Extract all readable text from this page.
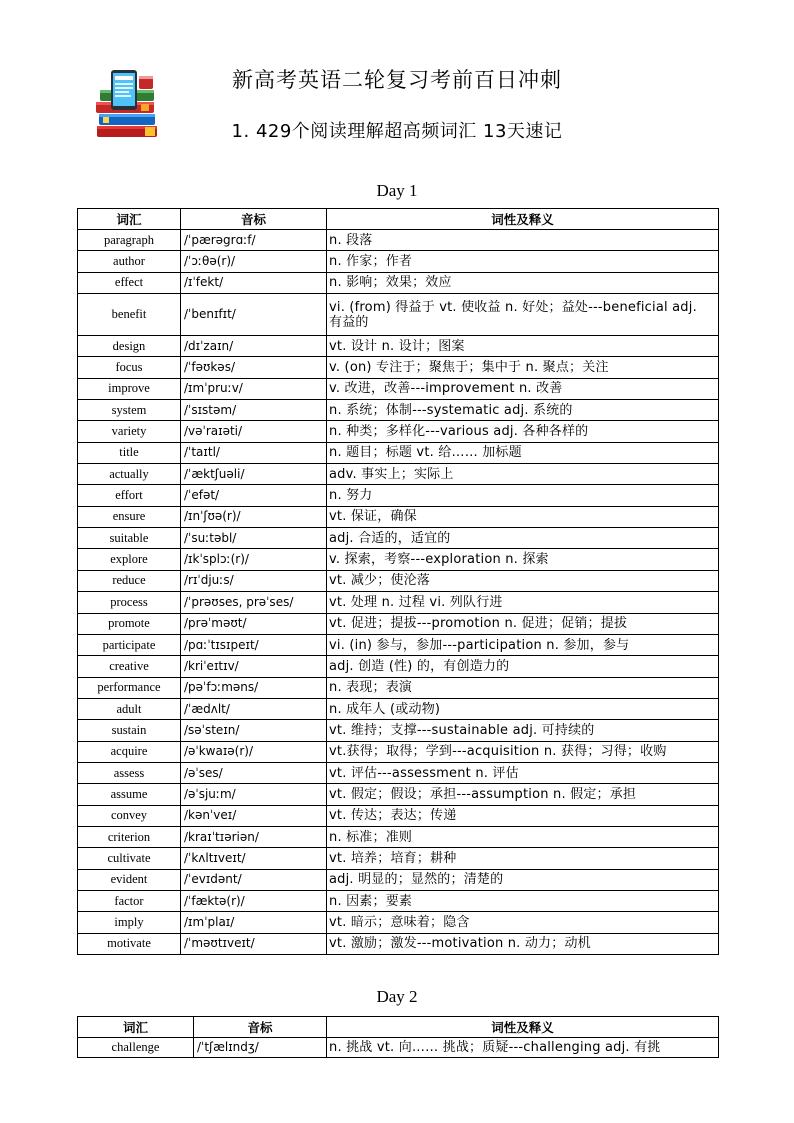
新高考英语二轮复习考前百日冲刺
1. 429个阅读理解超高频词汇 13天速记
Day 1
词汇	音标	词性及释义
paragraph	/ˈpærəgrɑːf/	n. 段落
author	/ˈɔːθə(r)/	n. 作家；作者
effect	/ɪˈfekt/	n. 影响；效果；效应
benefit	/ˈbenɪfɪt/	vi. (from) 得益于 vt. 使收益 n. 好处；益处---beneficial adj. 有益的
design	/dɪˈzaɪn/	vt. 设计 n. 设计；图案
focus	/ˈfəʊkəs/	v. (on) 专注于；聚焦于；集中于 n. 聚点；关注
improve	/ɪmˈpruːv/	v. 改进，改善---improvement n. 改善
system	/ˈsɪstəm/	n. 系统；体制---systematic adj. 系统的
variety	/vəˈraɪəti/	n. 种类；多样化---various adj. 各种各样的
title	/ˈtaɪtl/	n. 题目；标题 vt. 给…… 加标题
actually	/ˈæktʃuəli/	adv. 事实上；实际上
effort	/ˈefət/	n. 努力
ensure	/ɪnˈʃʊə(r)/	vt. 保证，确保
suitable	/ˈsuːtəbl/	adj. 合适的，适宜的
explore	/ɪkˈsplɔː(r)/	v. 探索，考察---exploration n. 探索
reduce	/rɪˈdjuːs/	vt. 减少；使沦落
process	/ˈprəʊses, prəˈses/	vt. 处理 n. 过程 vi. 列队行进
promote	/prəˈməʊt/	vt. 促进；提拔---promotion n. 促进；促销；提拔
participate	/pɑːˈtɪsɪpeɪt/	vi. (in) 参与，参加---participation n. 参加，参与
creative	/kriˈeɪtɪv/	adj. 创造 (性) 的，有创造力的
performance	/pəˈfɔːməns/	n. 表现；表演
adult	/ˈædʌlt/	n. 成年人 (或动物)
sustain	/səˈsteɪn/	vt. 维持；支撑---sustainable adj. 可持续的
acquire	/əˈkwaɪə(r)/	vt.获得；取得；学到---acquisition n. 获得；习得；收购
assess	/əˈses/	vt. 评估---assessment n. 评估
assume	/əˈsjuːm/	vt. 假定；假设；承担---assumption n. 假定；承担
convey	/kənˈveɪ/	vt. 传达；表达；传递
criterion	/kraɪˈtɪəriən/	n. 标准；准则
cultivate	/ˈkʌltɪveɪt/	vt. 培养；培育；耕种
evident	/ˈevɪdənt/	adj. 明显的；显然的；清楚的
factor	/ˈfæktə(r)/	n. 因素；要素
imply	/ɪmˈplaɪ/	vt. 暗示；意味着；隐含
motivate	/ˈməʊtɪveɪt/	vt. 激励；激发---motivation n. 动力；动机
Day 2
词汇	音标	词性及释义
challenge	/ˈtʃælɪndʒ/	n. 挑战 vt. 向…… 挑战；质疑---challenging adj. 有挑
